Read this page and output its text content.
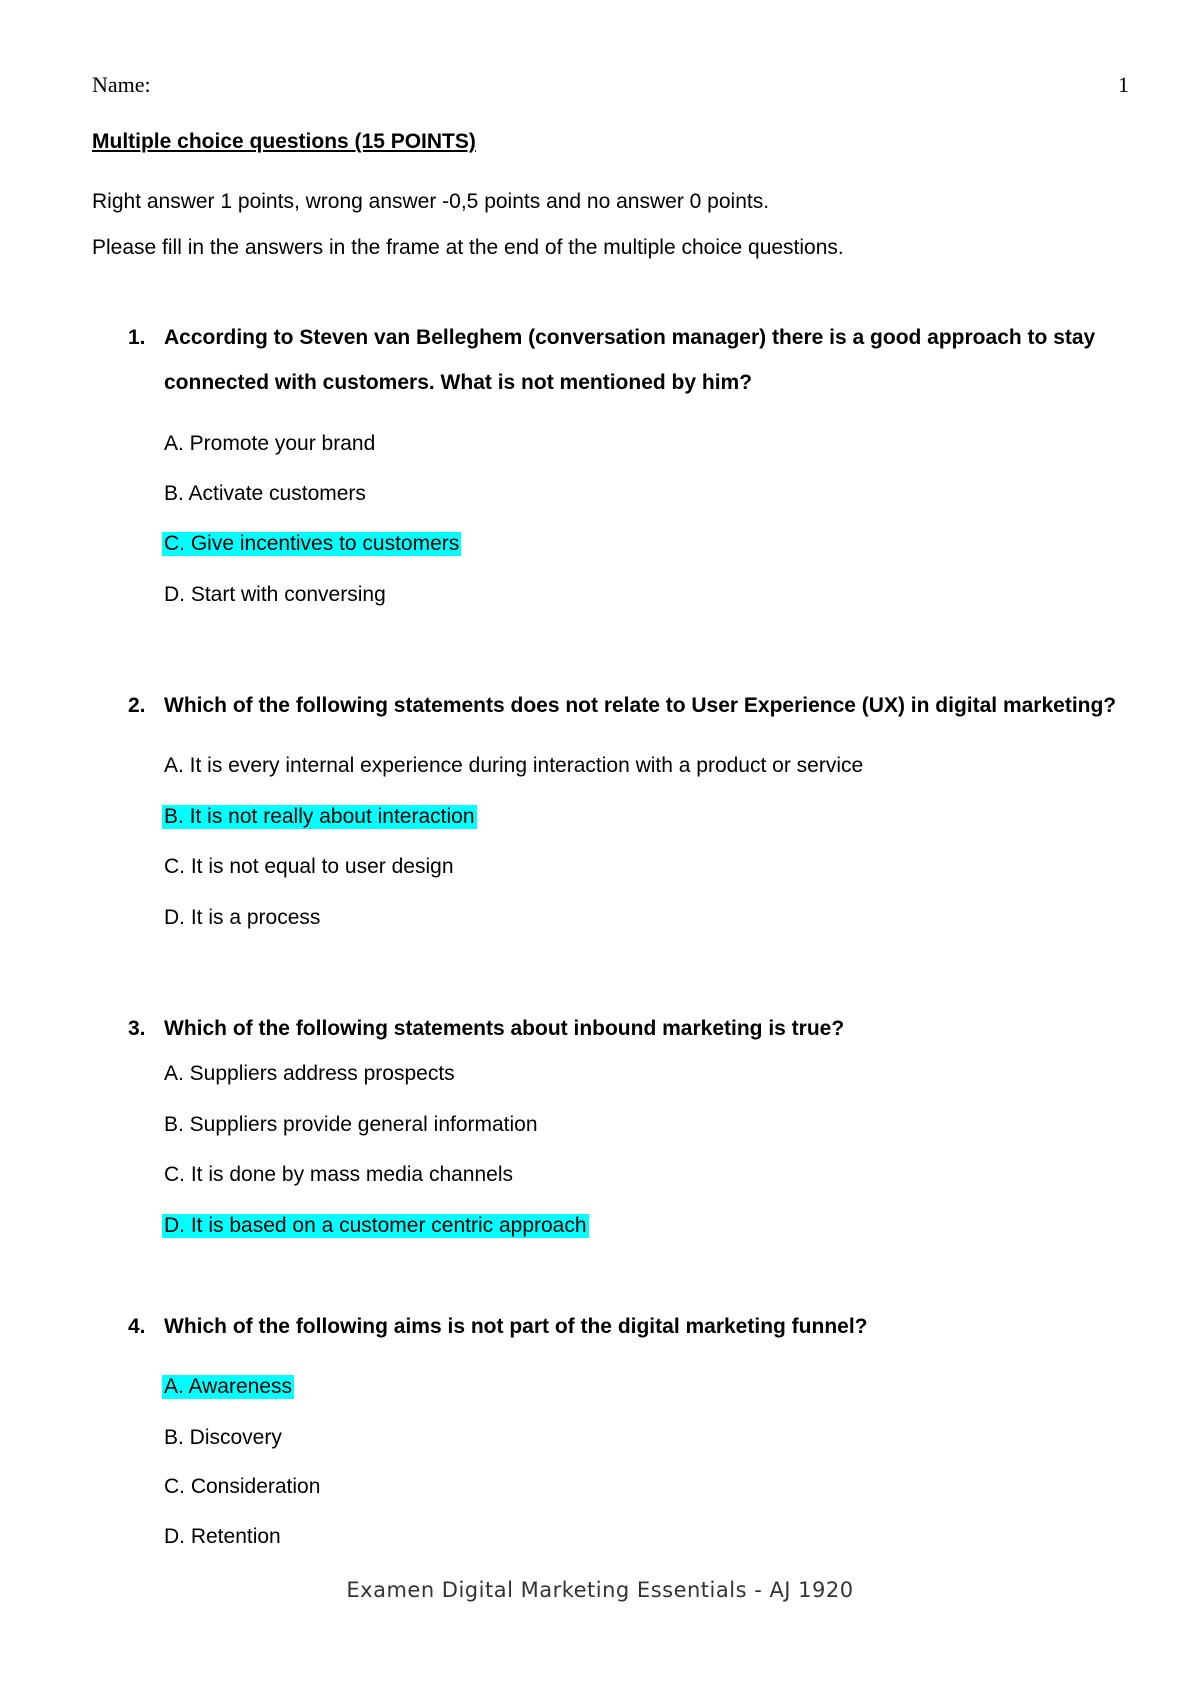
Name:	1
Multiple choice questions (15 POINTS)
Right answer 1 points, wrong answer -0,5 points and no answer 0 points.
Please fill in the answers in the frame at the end of the multiple choice questions.
1. According to Steven van Belleghem (conversation manager) there is a good approach to stay
connected with customers. What is not mentioned by him?
A. Promote your brand
B. Activate customers
C. Give incentives to customers
D. Start with conversing
2. Which of the following statements does not relate to User Experience (UX) in digital marketing?
A. It is every internal experience during interaction with a product or service
B. It is not really about interaction
C. It is not equal to user design
D. It is a process
3. Which of the following statements about inbound marketing is true?
A. Suppliers address prospects
B. Suppliers provide general information
C. It is done by mass media channels
D. It is based on a customer centric approach
4. Which of the following aims is not part of the digital marketing funnel?
A. Awareness
B. Discovery
C. Consideration
D. Retention
Examen Digital Marketing Essentials - AJ 1920
